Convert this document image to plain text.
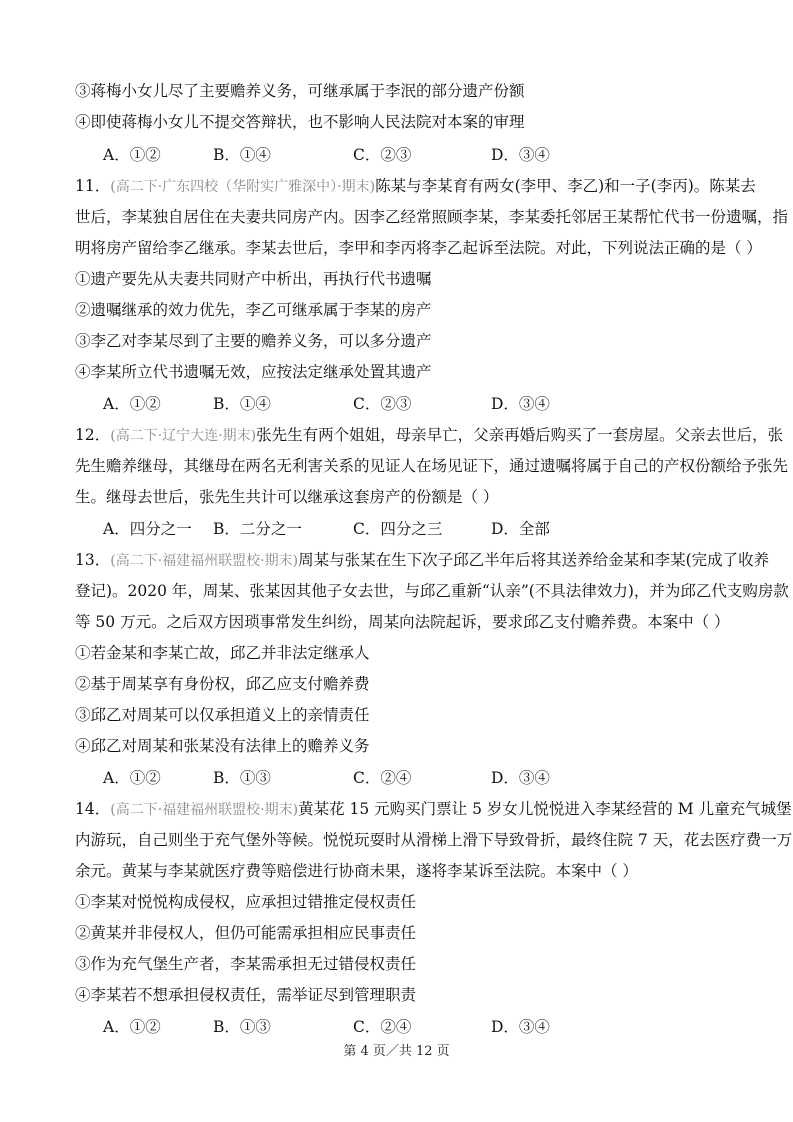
③蒋梅小女儿尽了主要赡养义务，可继承属于李泯的部分遗产份额
④即使蒋梅小女儿不提交答辩状，也不影响人民法院对本案的审理
A．①②	B．①④	C．②③	D．③④
11．(高二下·广东四校（华附实广雅深中）·期末)陈某与李某育有两女(李甲、李乙)和一子(李丙)。陈某去
世后，李某独自居住在夫妻共同房产内。因李乙经常照顾李某，李某委托邻居王某帮忙代书一份遗嘱，指
明将房产留给李乙继承。李某去世后，李甲和李丙将李乙起诉至法院。对此，下列说法正确的是（ ）
①遗产要先从夫妻共同财产中析出，再执行代书遗嘱
②遗嘱继承的效力优先，李乙可继承属于李某的房产
③李乙对李某尽到了主要的赡养义务，可以多分遗产
④李某所立代书遗嘱无效，应按法定继承处置其遗产
A．①②	B．①④	C．②③	D．③④
12．(高二下·辽宁大连·期末)张先生有两个姐姐，母亲早亡，父亲再婚后购买了一套房屋。父亲去世后，张
先生赡养继母，其继母在两名无利害关系的见证人在场见证下，通过遗嘱将属于自己的产权份额给予张先
生。继母去世后，张先生共计可以继承这套房产的份额是（ ）
A．四分之一 B．二分之一	C．四分之三	D．全部
13．(高二下·福建福州联盟校·期末)周某与张某在生下次子邱乙半年后将其送养给金某和李某(完成了收养
登记)。2020 年，周某、张某因其他子女去世，与邱乙重新“认亲”(不具法律效力)，并为邱乙代支购房款
等 50 万元。之后双方因琐事常发生纠纷，周某向法院起诉，要求邱乙支付赡养费。本案中（ ）
①若金某和李某亡故，邱乙并非法定继承人
②基于周某享有身份权，邱乙应支付赡养费
③邱乙对周某可以仅承担道义上的亲情责任
④邱乙对周某和张某没有法律上的赡养义务
A．①②	B．①③	C．②④	D．③④
14．(高二下·福建福州联盟校·期末)黄某花 15 元购买门票让 5 岁女儿悦悦进入李某经营的 M 儿童充气城堡
内游玩，自己则坐于充气堡外等候。悦悦玩耍时从滑梯上滑下导致骨折，最终住院 7 天，花去医疗费一万
余元。黄某与李某就医疗费等赔偿进行协商未果，遂将李某诉至法院。本案中（ ）
①李某对悦悦构成侵权，应承担过错推定侵权责任
②黄某并非侵权人，但仍可能需承担相应民事责任
③作为充气堡生产者，李某需承担无过错侵权责任
④李某若不想承担侵权责任，需举证尽到管理职责
A．①②	B．①③	C．②④	D．③④
第 4 页／共 12 页
